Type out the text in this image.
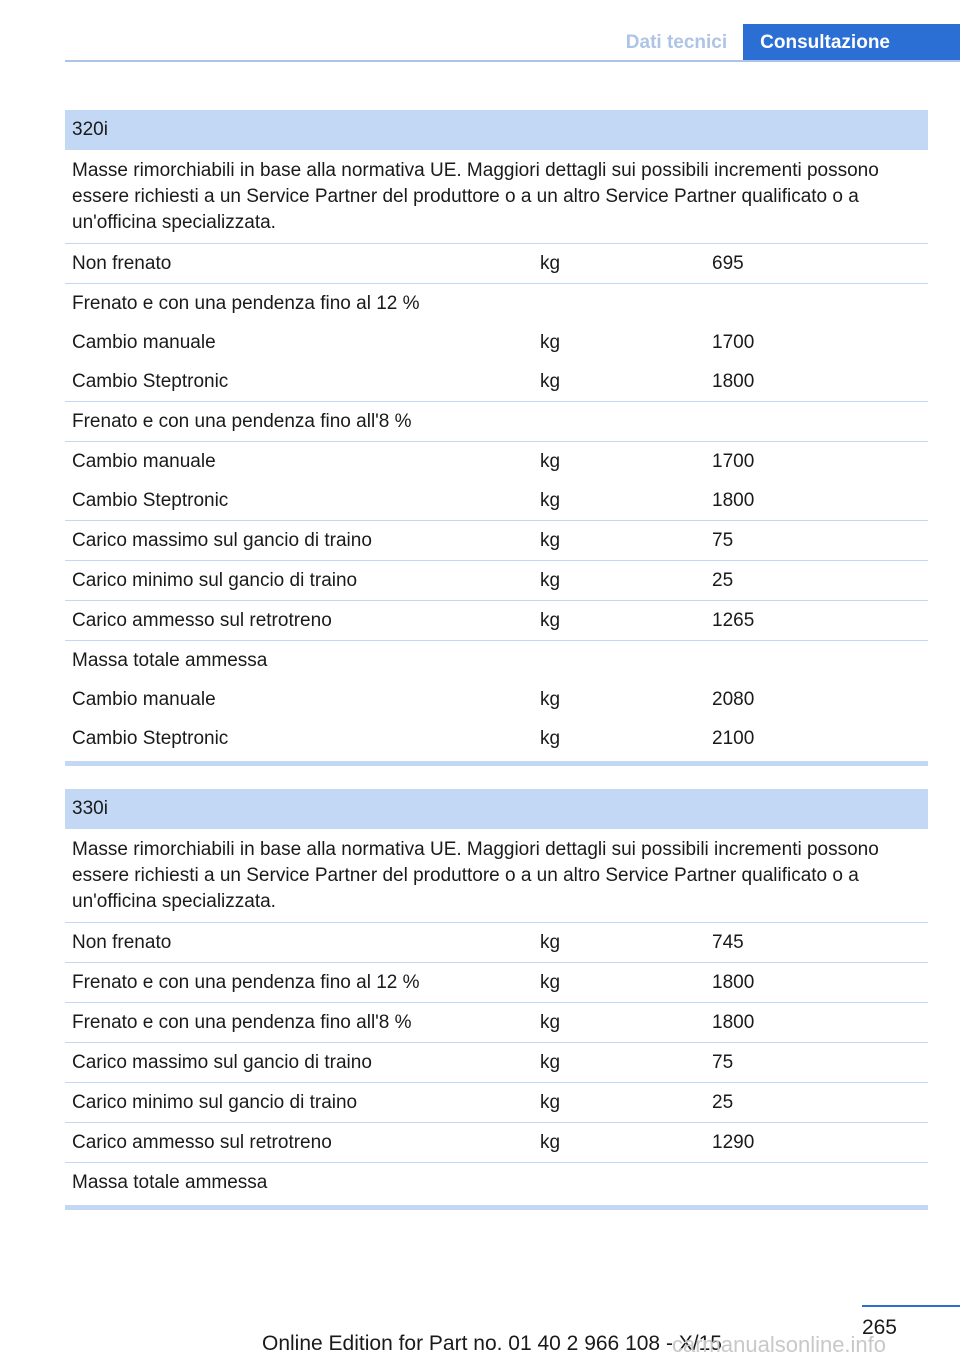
Dati tecnici	Consultazione
320i
Masse rimorchiabili in base alla normativa UE. Maggiori dettagli sui possibili incrementi possono essere richiesti a un Service Partner del produttore o a un altro Service Partner qualificato o a un'officina specializzata.
Non frenato	kg	695
Frenato e con una pendenza fino al 12 %
Cambio manuale	kg	1700
Cambio Steptronic	kg	1800
Frenato e con una pendenza fino all'8 %
Cambio manuale	kg	1700
Cambio Steptronic	kg	1800
Carico massimo sul gancio di traino	kg	75
Carico minimo sul gancio di traino	kg	25
Carico ammesso sul retrotreno	kg	1265
Massa totale ammessa
Cambio manuale	kg	2080
Cambio Steptronic	kg	2100
330i
Masse rimorchiabili in base alla normativa UE. Maggiori dettagli sui possibili incrementi possono essere richiesti a un Service Partner del produttore o a un altro Service Partner qualificato o a un'officina specializzata.
Non frenato	kg	745
Frenato e con una pendenza fino al 12 %	kg	1800
Frenato e con una pendenza fino all'8 %	kg	1800
Carico massimo sul gancio di traino	kg	75
Carico minimo sul gancio di traino	kg	25
Carico ammesso sul retrotreno	kg	1290
Massa totale ammessa
265
Online Edition for Part no. 01 40 2 966 108 - X/15
carmanualsonline.info
